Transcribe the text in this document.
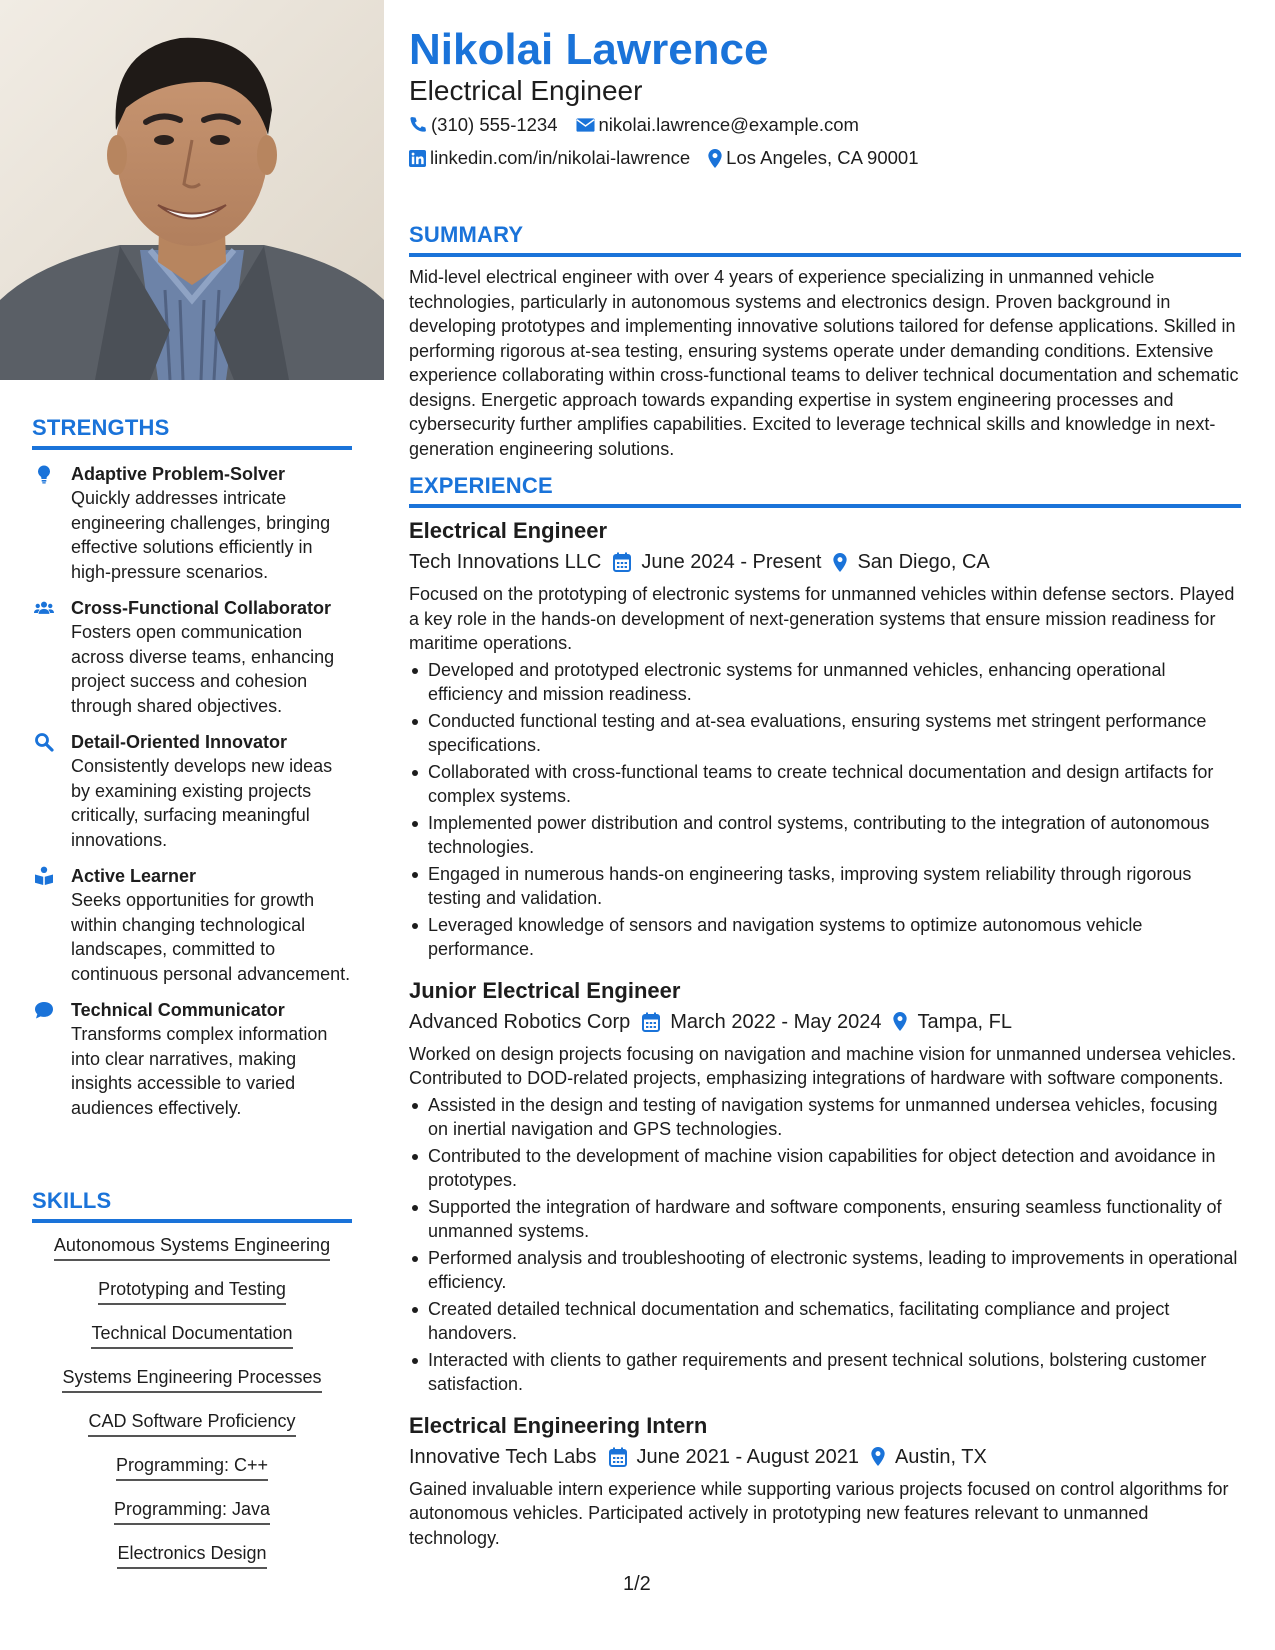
STRENGTHS
Adaptive Problem-Solver
Quickly addresses intricate engineering challenges, bringing effective solutions efficiently in high-pressure scenarios.
Cross-Functional Collaborator
Fosters open communication across diverse teams, enhancing project success and cohesion through shared objectives.
Detail-Oriented Innovator
Consistently develops new ideas by examining existing projects critically, surfacing meaningful innovations.
Active Learner
Seeks opportunities for growth within changing technological landscapes, committed to continuous personal advancement.
Technical Communicator
Transforms complex information into clear narratives, making insights accessible to varied audiences effectively.
SKILLS
Autonomous Systems Engineering
Prototyping and Testing
Technical Documentation
Systems Engineering Processes
CAD Software Proficiency
Programming: C++
Programming: Java
Electronics Design
Nikolai Lawrence
Electrical Engineer
(310) 555-1234 nikolai.lawrence@example.com
linkedin.com/in/nikolai-lawrence Los Angeles, CA 90001
SUMMARY

Mid-level electrical engineer with over 4 years of experience specializing in unmanned vehicle technologies, particularly in autonomous systems and electronics design. Proven background in developing prototypes and implementing innovative solutions tailored for defense applications. Skilled in performing rigorous at-sea testing, ensuring systems operate under demanding conditions. Extensive experience collaborating within cross-functional teams to deliver technical documentation and schematic designs. Energetic approach towards expanding expertise in system engineering processes and cybersecurity further amplifies capabilities. Excited to leverage technical skills and knowledge in next-generation engineering solutions.

EXPERIENCE
Electrical Engineer
Tech Innovations LLC June 2024 - Present San Diego, CA
Focused on the prototyping of electronic systems for unmanned vehicles within defense sectors. Played a key role in the hands-on development of next-generation systems that ensure mission readiness for maritime operations.
Developed and prototyped electronic systems for unmanned vehicles, enhancing operational efficiency and mission readiness.
Conducted functional testing and at-sea evaluations, ensuring systems met stringent performance specifications.
Collaborated with cross-functional teams to create technical documentation and design artifacts for complex systems.
Implemented power distribution and control systems, contributing to the integration of autonomous technologies.
Engaged in numerous hands-on engineering tasks, improving system reliability through rigorous testing and validation.
Leveraged knowledge of sensors and navigation systems to optimize autonomous vehicle performance.
Junior Electrical Engineer
Advanced Robotics Corp March 2022 - May 2024 Tampa, FL
Worked on design projects focusing on navigation and machine vision for unmanned undersea vehicles. Contributed to DOD-related projects, emphasizing integrations of hardware with software components.
Assisted in the design and testing of navigation systems for unmanned undersea vehicles, focusing on inertial navigation and GPS technologies.
Contributed to the development of machine vision capabilities for object detection and avoidance in prototypes.
Supported the integration of hardware and software components, ensuring seamless functionality of unmanned systems.
Performed analysis and troubleshooting of electronic systems, leading to improvements in operational efficiency.
Created detailed technical documentation and schematics, facilitating compliance and project handovers.
Interacted with clients to gather requirements and present technical solutions, bolstering customer satisfaction.
Electrical Engineering Intern
Innovative Tech Labs June 2021 - August 2021 Austin, TX
Gained invaluable intern experience while supporting various projects focused on control algorithms for autonomous vehicles. Participated actively in prototyping new features relevant to unmanned technology.
1/2
